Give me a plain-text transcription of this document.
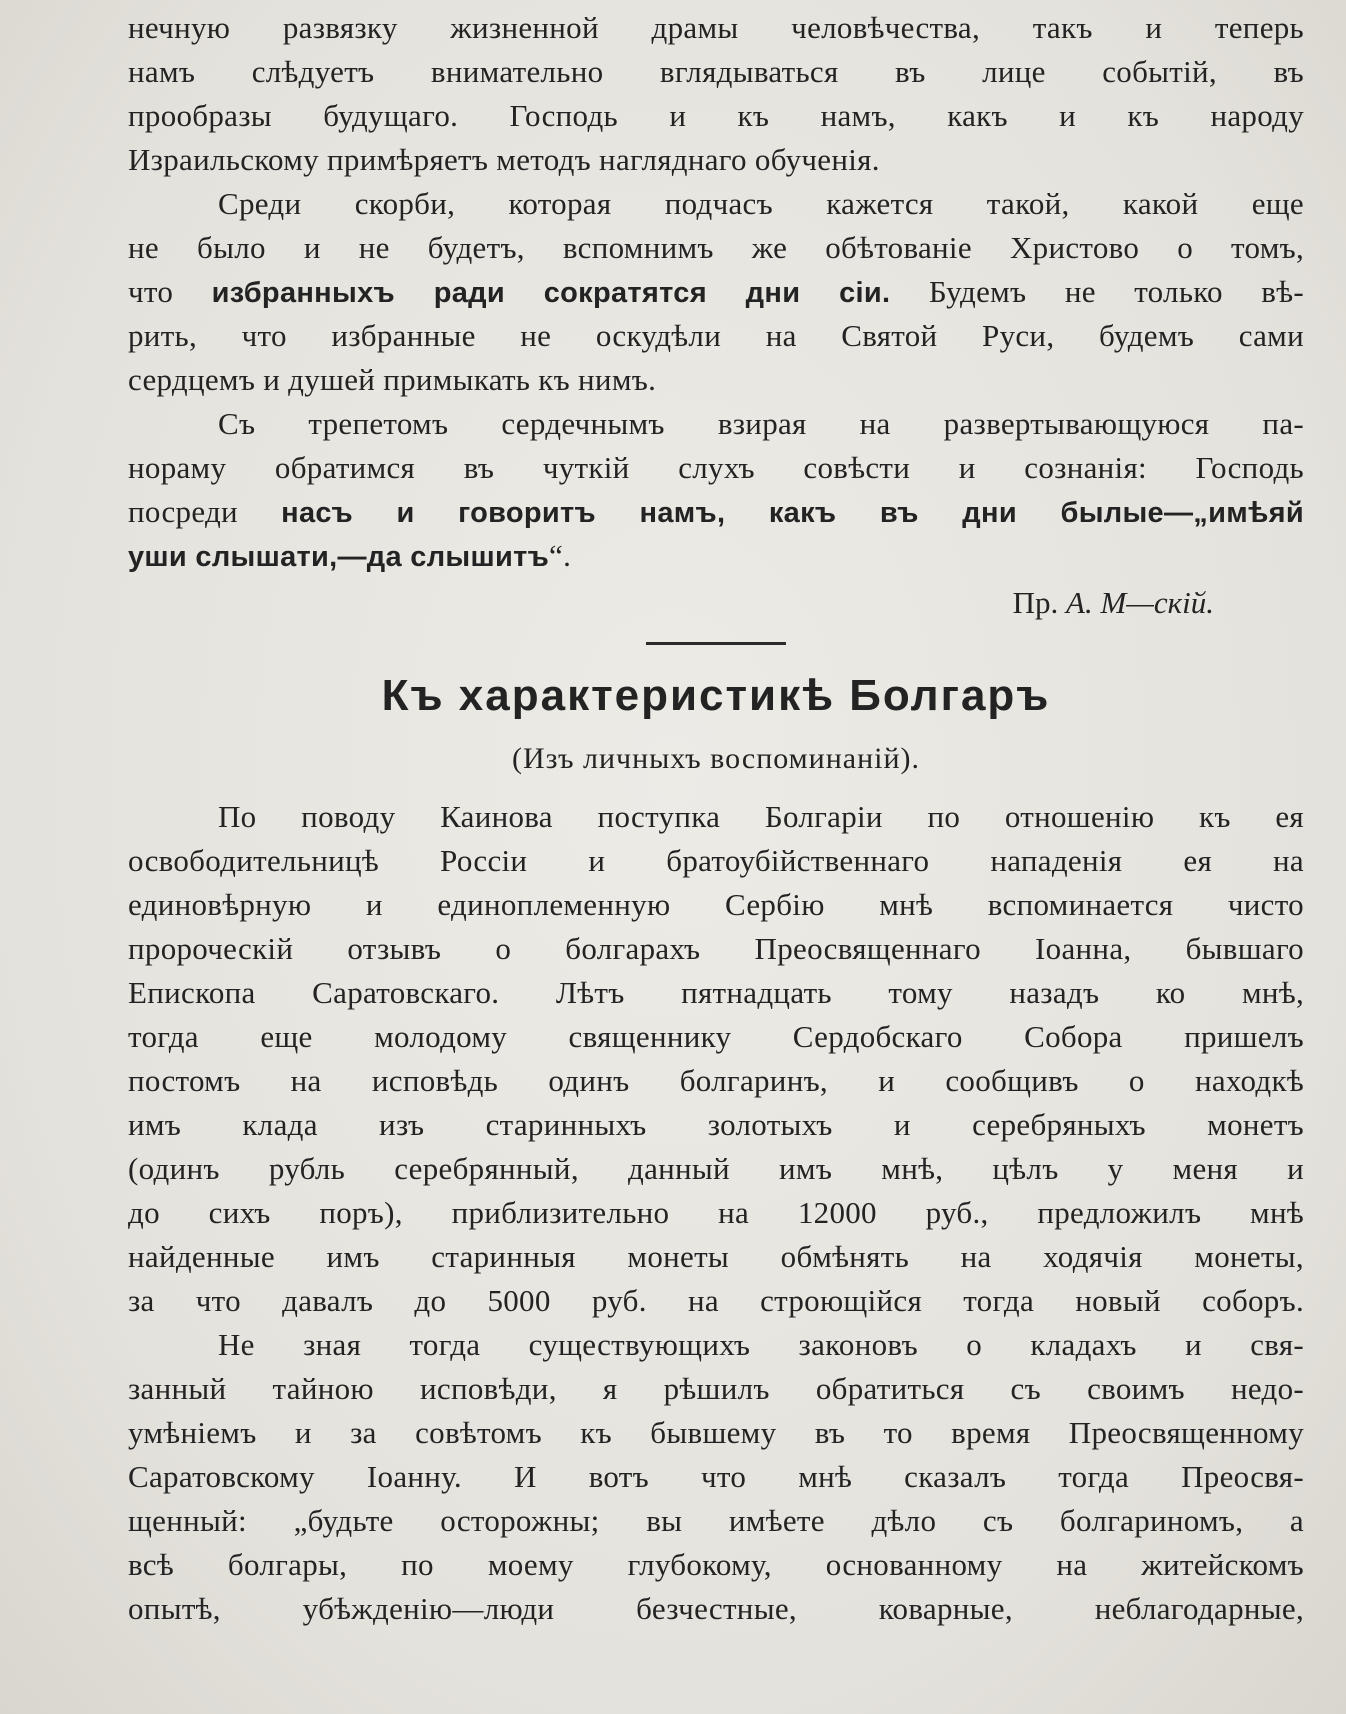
нечную развязку жизненной драмы человѣчества, такъ и теперь
намъ слѣдуетъ внимательно вглядываться въ лице событій, въ
прообразы будущаго. Господь и къ намъ, какъ и къ народу
Израильскому примѣряетъ методъ нагляднаго обученія.
Среди скорби, которая подчасъ кажется такой, какой еще
не было и не будетъ, вспомнимъ же обѣтованіе Христово о томъ,
что избранныхъ ради сократятся дни сіи. Будемъ не только вѣ-
рить, что избранные не оскудѣли на Святой Руси, будемъ сами
сердцемъ и душей примыкать къ нимъ.
Съ трепетомъ сердечнымъ взирая на развертывающуюся па-
нораму обратимся въ чуткій слухъ совѣсти и сознанія: Господь
посреди насъ и говоритъ намъ, какъ въ дни былые—„имѣяй
уши слышати,—да слышитъ“.
Пр. А. М—скій.
Къ характеристикѣ Болгаръ
(Изъ личныхъ воспоминаній).
По поводу Каинова поступка Болгаріи по отношенію къ ея
освободительницѣ Россіи и братоубійственнаго нападенія ея на
единовѣрную и единоплеменную Сербію мнѣ вспоминается чисто
пророческій отзывъ о болгарахъ Преосвященнаго Іоанна, бывшаго
Епископа Саратовскаго. Лѣтъ пятнадцать тому назадъ ко мнѣ,
тогда еще молодому священнику Сердобскаго Собора пришелъ
постомъ на исповѣдь одинъ болгаринъ, и сообщивъ о находкѣ
имъ клада изъ старинныхъ золотыхъ и серебряныхъ монетъ
(одинъ рубль серебрянный, данный имъ мнѣ, цѣлъ у меня и
до сихъ поръ), приблизительно на 12000 руб., предложилъ мнѣ
найденные имъ старинныя монеты обмѣнять на ходячія монеты,
за что давалъ до 5000 руб. на строющійся тогда новый соборъ.
Не зная тогда существующихъ законовъ о кладахъ и свя-
занный тайною исповѣди, я рѣшилъ обратиться съ своимъ недо-
умѣніемъ и за совѣтомъ къ бывшему въ то время Преосвященному
Саратовскому Іоанну. И вотъ что мнѣ сказалъ тогда Преосвя-
щенный: „будьте осторожны; вы имѣете дѣло съ болгариномъ, а
всѣ болгары, по моему глубокому, основанному на житейскомъ
опытѣ, убѣжденію—люди безчестные, коварные, неблагодарные,
